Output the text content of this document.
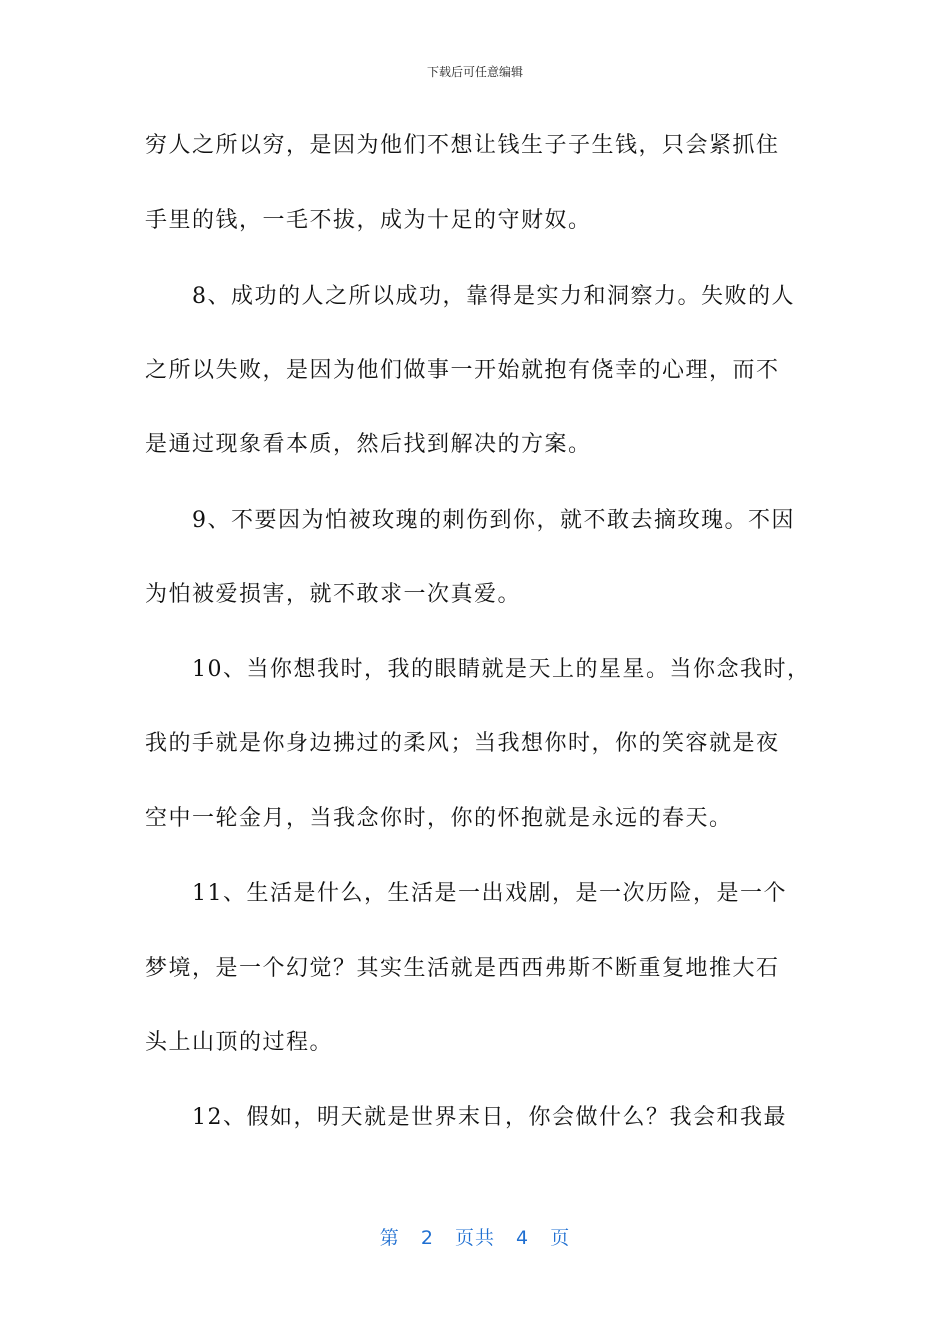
下载后可任意编辑
穷人之所以穷，是因为他们不想让钱生子子生钱，只会紧抓住
手里的钱，一毛不拔，成为十足的守财奴。
8、成功的人之所以成功，靠得是实力和洞察力。失败的人
之所以失败，是因为他们做事一开始就抱有侥幸的心理，而不
是通过现象看本质，然后找到解决的方案。
9、不要因为怕被玫瑰的刺伤到你，就不敢去摘玫瑰。不因
为怕被爱损害，就不敢求一次真爱。
10、当你想我时，我的眼睛就是天上的星星。当你念我时，
我的手就是你身边拂过的柔风；当我想你时，你的笑容就是夜
空中一轮金月，当我念你时，你的怀抱就是永远的春天。
11、生活是什么，生活是一出戏剧，是一次历险，是一个
梦境，是一个幻觉？其实生活就是西西弗斯不断重复地推大石
头上山顶的过程。
12、假如，明天就是世界末日，你会做什么？我会和我最
第 2 页共 4 页
